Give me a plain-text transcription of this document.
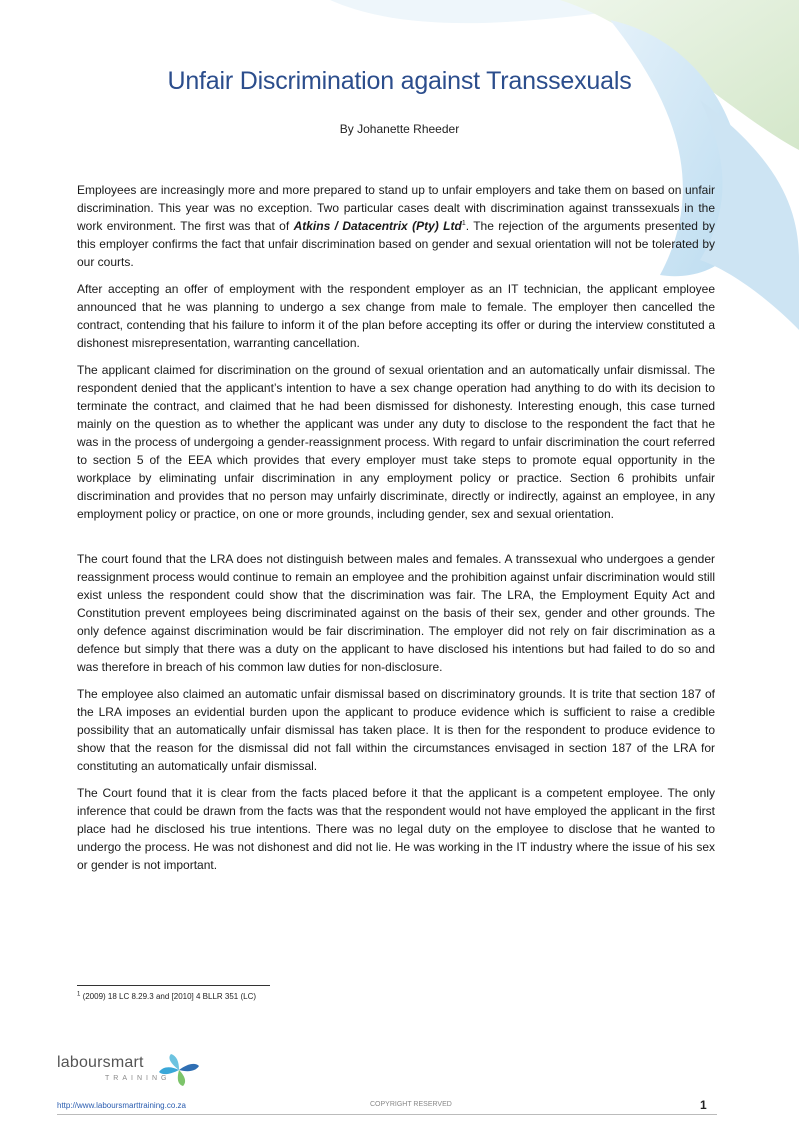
Unfair Discrimination against Transsexuals
By Johanette Rheeder

Employees are increasingly more and more prepared to stand up to unfair employers and take them on based on unfair discrimination. This year was no exception. Two particular cases dealt with discrimination against transsexuals in the work environment. The first was that of Atkins / Datacentrix (Pty) Ltd$^1$. The rejection of the arguments presented by this employer confirms the fact that unfair discrimination based on gender and sexual orientation will not be tolerated by our courts.

After accepting an offer of employment with the respondent employer as an IT technician, the applicant employee announced that he was planning to undergo a sex change from male to female. The employer then cancelled the contract, contending that his failure to inform it of the plan before accepting its offer or during the interview constituted a dishonest misrepresentation, warranting cancellation.

The applicant claimed for discrimination on the ground of sexual orientation and an automatically unfair dismissal. The respondent denied that the applicant’s intention to have a sex change operation had anything to do with its decision to terminate the contract, and claimed that he had been dismissed for dishonesty. Interesting enough, this case turned mainly on the question as to whether the applicant was under any duty to disclose to the respondent the fact that he was in the process of undergoing a gender-reassignment process. With regard to unfair discrimination the court referred to section 5 of the EEA which provides that every employer must take steps to promote equal opportunity in the workplace by eliminating unfair discrimination in any employment policy or practice. Section 6 prohibits unfair discrimination and provides that no person may unfairly discriminate, directly or indirectly, against an employee, in any employment policy or practice, on one or more grounds, including gender, sex and sexual orientation.

The court found that the LRA does not distinguish between males and females. A transsexual who undergoes a gender reassignment process would continue to remain an employee and the prohibition against unfair discrimination would still exist unless the respondent could show that the discrimination was fair. The LRA, the Employment Equity Act and Constitution prevent employees being discriminated against on the basis of their sex, gender and other grounds. The only defence against discrimination would be fair discrimination. The employer did not rely on fair discrimination as a defence but simply that there was a duty on the applicant to have disclosed his intentions but had failed to do so and was therefore in breach of his common law duties for non-disclosure.

The employee also claimed an automatic unfair dismissal based on discriminatory grounds. It is trite that section 187 of the LRA imposes an evidential burden upon the applicant to produce evidence which is sufficient to raise a credible possibility that an automatically unfair dismissal has taken place. It is then for the respondent to produce evidence to show that the reason for the dismissal did not fall within the circumstances envisaged in section 187 of the LRA for constituting an automatically unfair dismissal.

The Court found that it is clear from the facts placed before it that the applicant is a competent employee. The only inference that could be drawn from the facts was that the respondent would not have employed the applicant in the first place had he disclosed his true intentions. There was no legal duty on the employee to disclose that he wanted to undergo the process. He was not dishonest and did not lie. He was working in the IT industry where the issue of his sex or gender is not important.

$^1$ (2009) 18 LC 8.29.3 and [2010] 4 BLLR 351 (LC)
laboursmart
TRAINING
http://www.laboursmarttraining.co.za	COPYRIGHT RESERVED	1
